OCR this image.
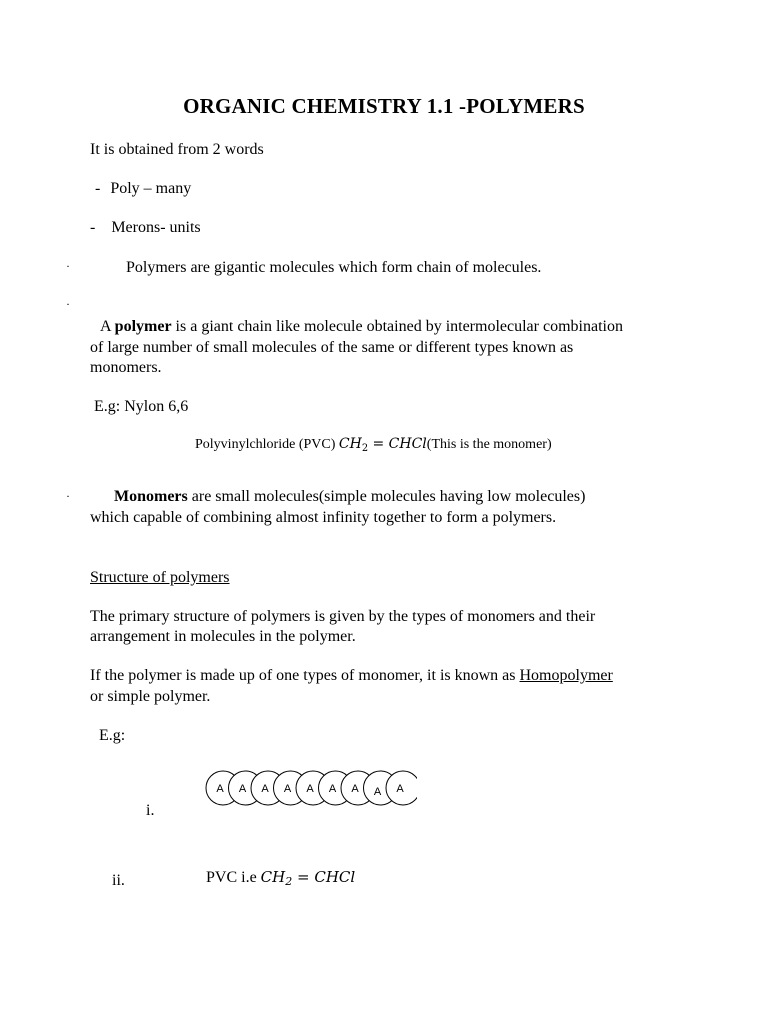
ORGANIC CHEMISTRY 1.1 -POLYMERS
It is obtained from 2 words
- Poly – many
- Merons- units
·	Polymers are gigantic molecules which form chain of molecules.
·
A polymer is a giant chain like molecule obtained by intermolecular combination
of large number of small molecules of the same or different types known as
monomers.
E.g: Nylon 6,6
Polyvinylchloride (PVC) $CH_2$ = CHCl(This is the monomer)
·	Monomers are small molecules(simple molecules having low molecules)
which capable of combining almost infinity together to form a polymers.
Structure of polymers
The primary structure of polymers is given by the types of monomers and their
arrangement in molecules in the polymer.
If the polymer is made up of one types of monomer, it is known as Homopolymer
or simple polymer.
E.g:
i.
A A A A A A A A A
ii.	PVC i.e $CH_2$ = CHCl
